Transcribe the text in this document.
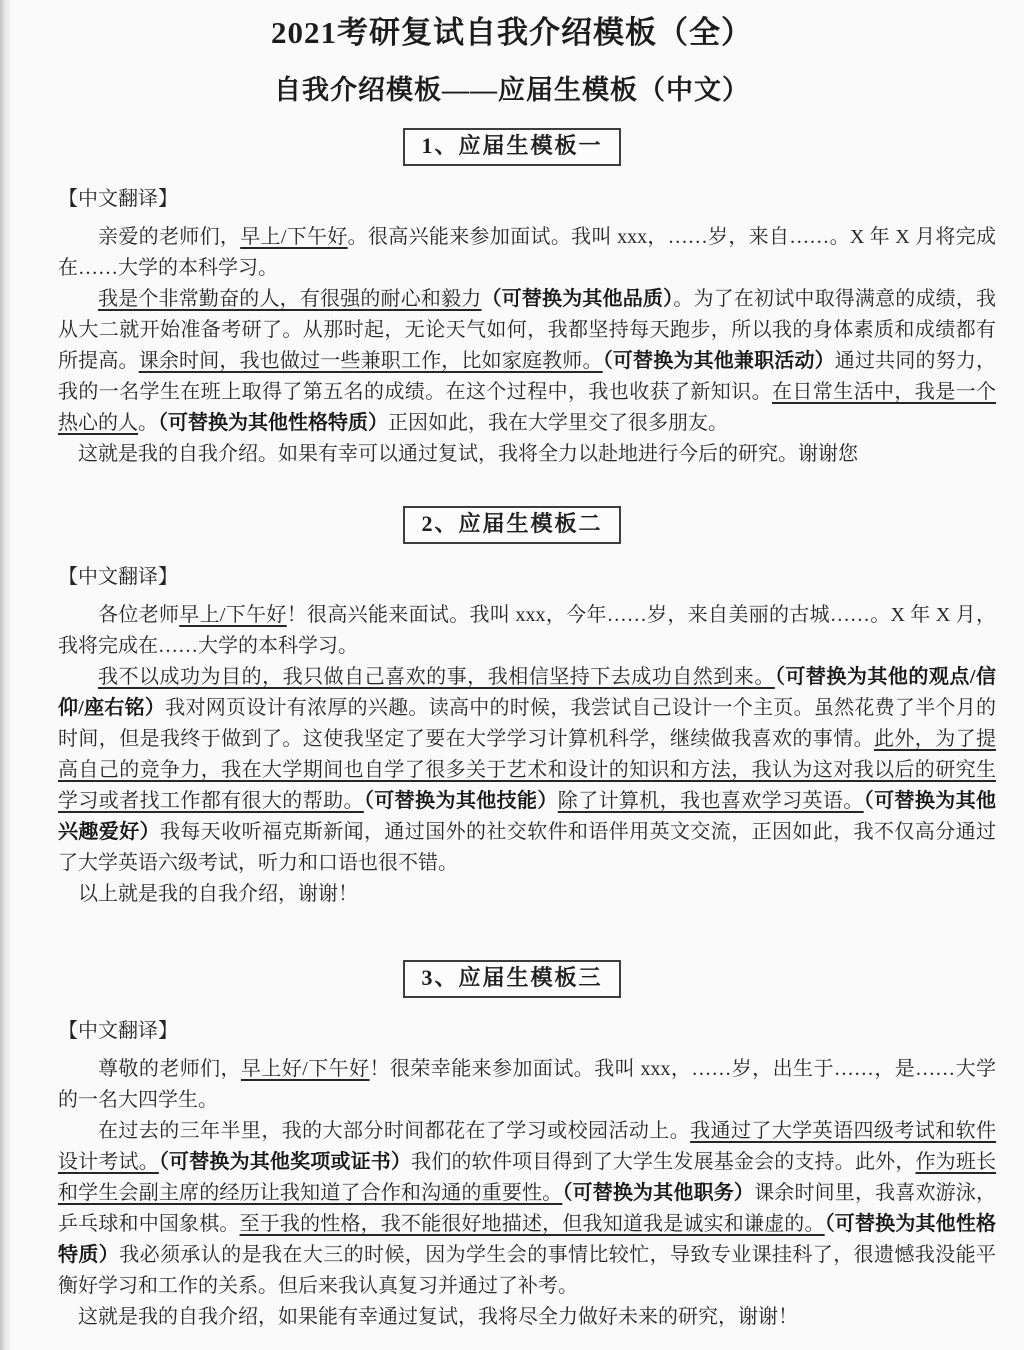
2021考研复试自我介绍模板（全）
自我介绍模板——应届生模板（中文）
1、应届生模板一
【中文翻译】

亲爱的老师们，早上/下午好。很高兴能来参加面试。我叫 xxx，……岁，来自……。X 年 X 月将完成在……大学的本科学习。

我是个非常勤奋的人，有很强的耐心和毅力（可替换为其他品质）。为了在初试中取得满意的成绩，我从大二就开始准备考研了。从那时起，无论天气如何，我都坚持每天跑步，所以我的身体素质和成绩都有所提高。课余时间，我也做过一些兼职工作，比如家庭教师。（可替换为其他兼职活动）通过共同的努力，我的一名学生在班上取得了第五名的成绩。在这个过程中，我也收获了新知识。在日常生活中，我是一个热心的人。（可替换为其他性格特质）正因如此，我在大学里交了很多朋友。

这就是我的自我介绍。如果有幸可以通过复试，我将全力以赴地进行今后的研究。谢谢您

2、应届生模板二
【中文翻译】

各位老师早上/下午好！很高兴能来面试。我叫 xxx，今年……岁，来自美丽的古城……。X 年 X 月，我将完成在……大学的本科学习。

我不以成功为目的，我只做自己喜欢的事，我相信坚持下去成功自然到来。（可替换为其他的观点/信仰/座右铭）我对网页设计有浓厚的兴趣。读高中的时候，我尝试自己设计一个主页。虽然花费了半个月的时间，但是我终于做到了。这使我坚定了要在大学学习计算机科学，继续做我喜欢的事情。此外，为了提高自己的竞争力，我在大学期间也自学了很多关于艺术和设计的知识和方法，我认为这对我以后的研究生学习或者找工作都有很大的帮助。（可替换为其他技能）除了计算机，我也喜欢学习英语。（可替换为其他兴趣爱好）我每天收听福克斯新闻，通过国外的社交软件和语伴用英文交流，正因如此，我不仅高分通过了大学英语六级考试，听力和口语也很不错。

以上就是我的自我介绍，谢谢！

3、应届生模板三
【中文翻译】

尊敬的老师们，早上好/下午好！很荣幸能来参加面试。我叫 xxx，……岁，出生于……，是……大学的一名大四学生。

在过去的三年半里，我的大部分时间都花在了学习或校园活动上。我通过了大学英语四级考试和软件设计考试。（可替换为其他奖项或证书）我们的软件项目得到了大学生发展基金会的支持。此外，作为班长和学生会副主席的经历让我知道了合作和沟通的重要性。（可替换为其他职务）课余时间里，我喜欢游泳，乒乓球和中国象棋。至于我的性格，我不能很好地描述，但我知道我是诚实和谦虚的。（可替换为其他性格特质）我必须承认的是我在大三的时候，因为学生会的事情比较忙，导致专业课挂科了，很遗憾我没能平衡好学习和工作的关系。但后来我认真复习并通过了补考。

这就是我的自我介绍，如果能有幸通过复试，我将尽全力做好未来的研究，谢谢！
